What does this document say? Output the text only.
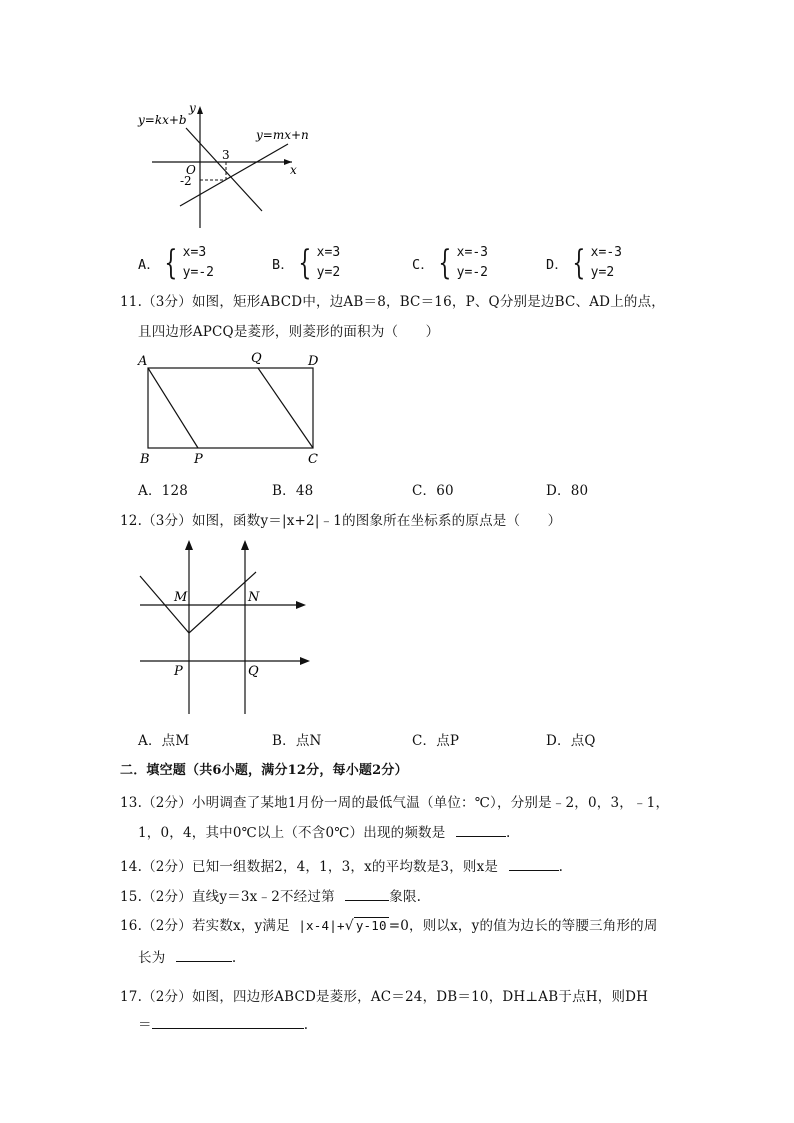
y=kx+b
y=mx+n
x
y
O
3
-2
A． { x=3
y=-2	B． { x=3
y=2	C． { x=-3
y=-2	D． { x=-3
y=2
11.（3分）如图，矩形ABCD中，边AB＝8，BC＝16，P、Q分别是边BC、AD上的点，
且四边形APCQ是菱形，则菱形的面积为（　　）
A	Q	D
B	P	C
A．128	B．48	C．60	D．80
12.（3分）如图，函数y＝|x+2|﹣1的图象所在坐标系的原点是（　　）
M	N
P	Q
A．点M	B．点N	C．点P	D．点Q
二．填空题（共6小题，满分12分，每小题2分）
13.（2分）小明调查了某地1月份一周的最低气温（单位：℃），分别是﹣2，0，3，﹣1，
1，0，4，其中0℃以上（不含0℃）出现的频数是	.
14.（2分）已知一组数据2，4，1，3，x的平均数是3，则x是	.
15.（2分）直线y＝3x﹣2不经过第	象限.
16.（2分）若实数x，y满足 |x-4|+√ y-10 =0，则以x，y的值为边长的等腰三角形的周
长为	.
17.（2分）如图，四边形ABCD是菱形，AC＝24，DB＝10，DH⊥AB于点H，则DH
＝	.
